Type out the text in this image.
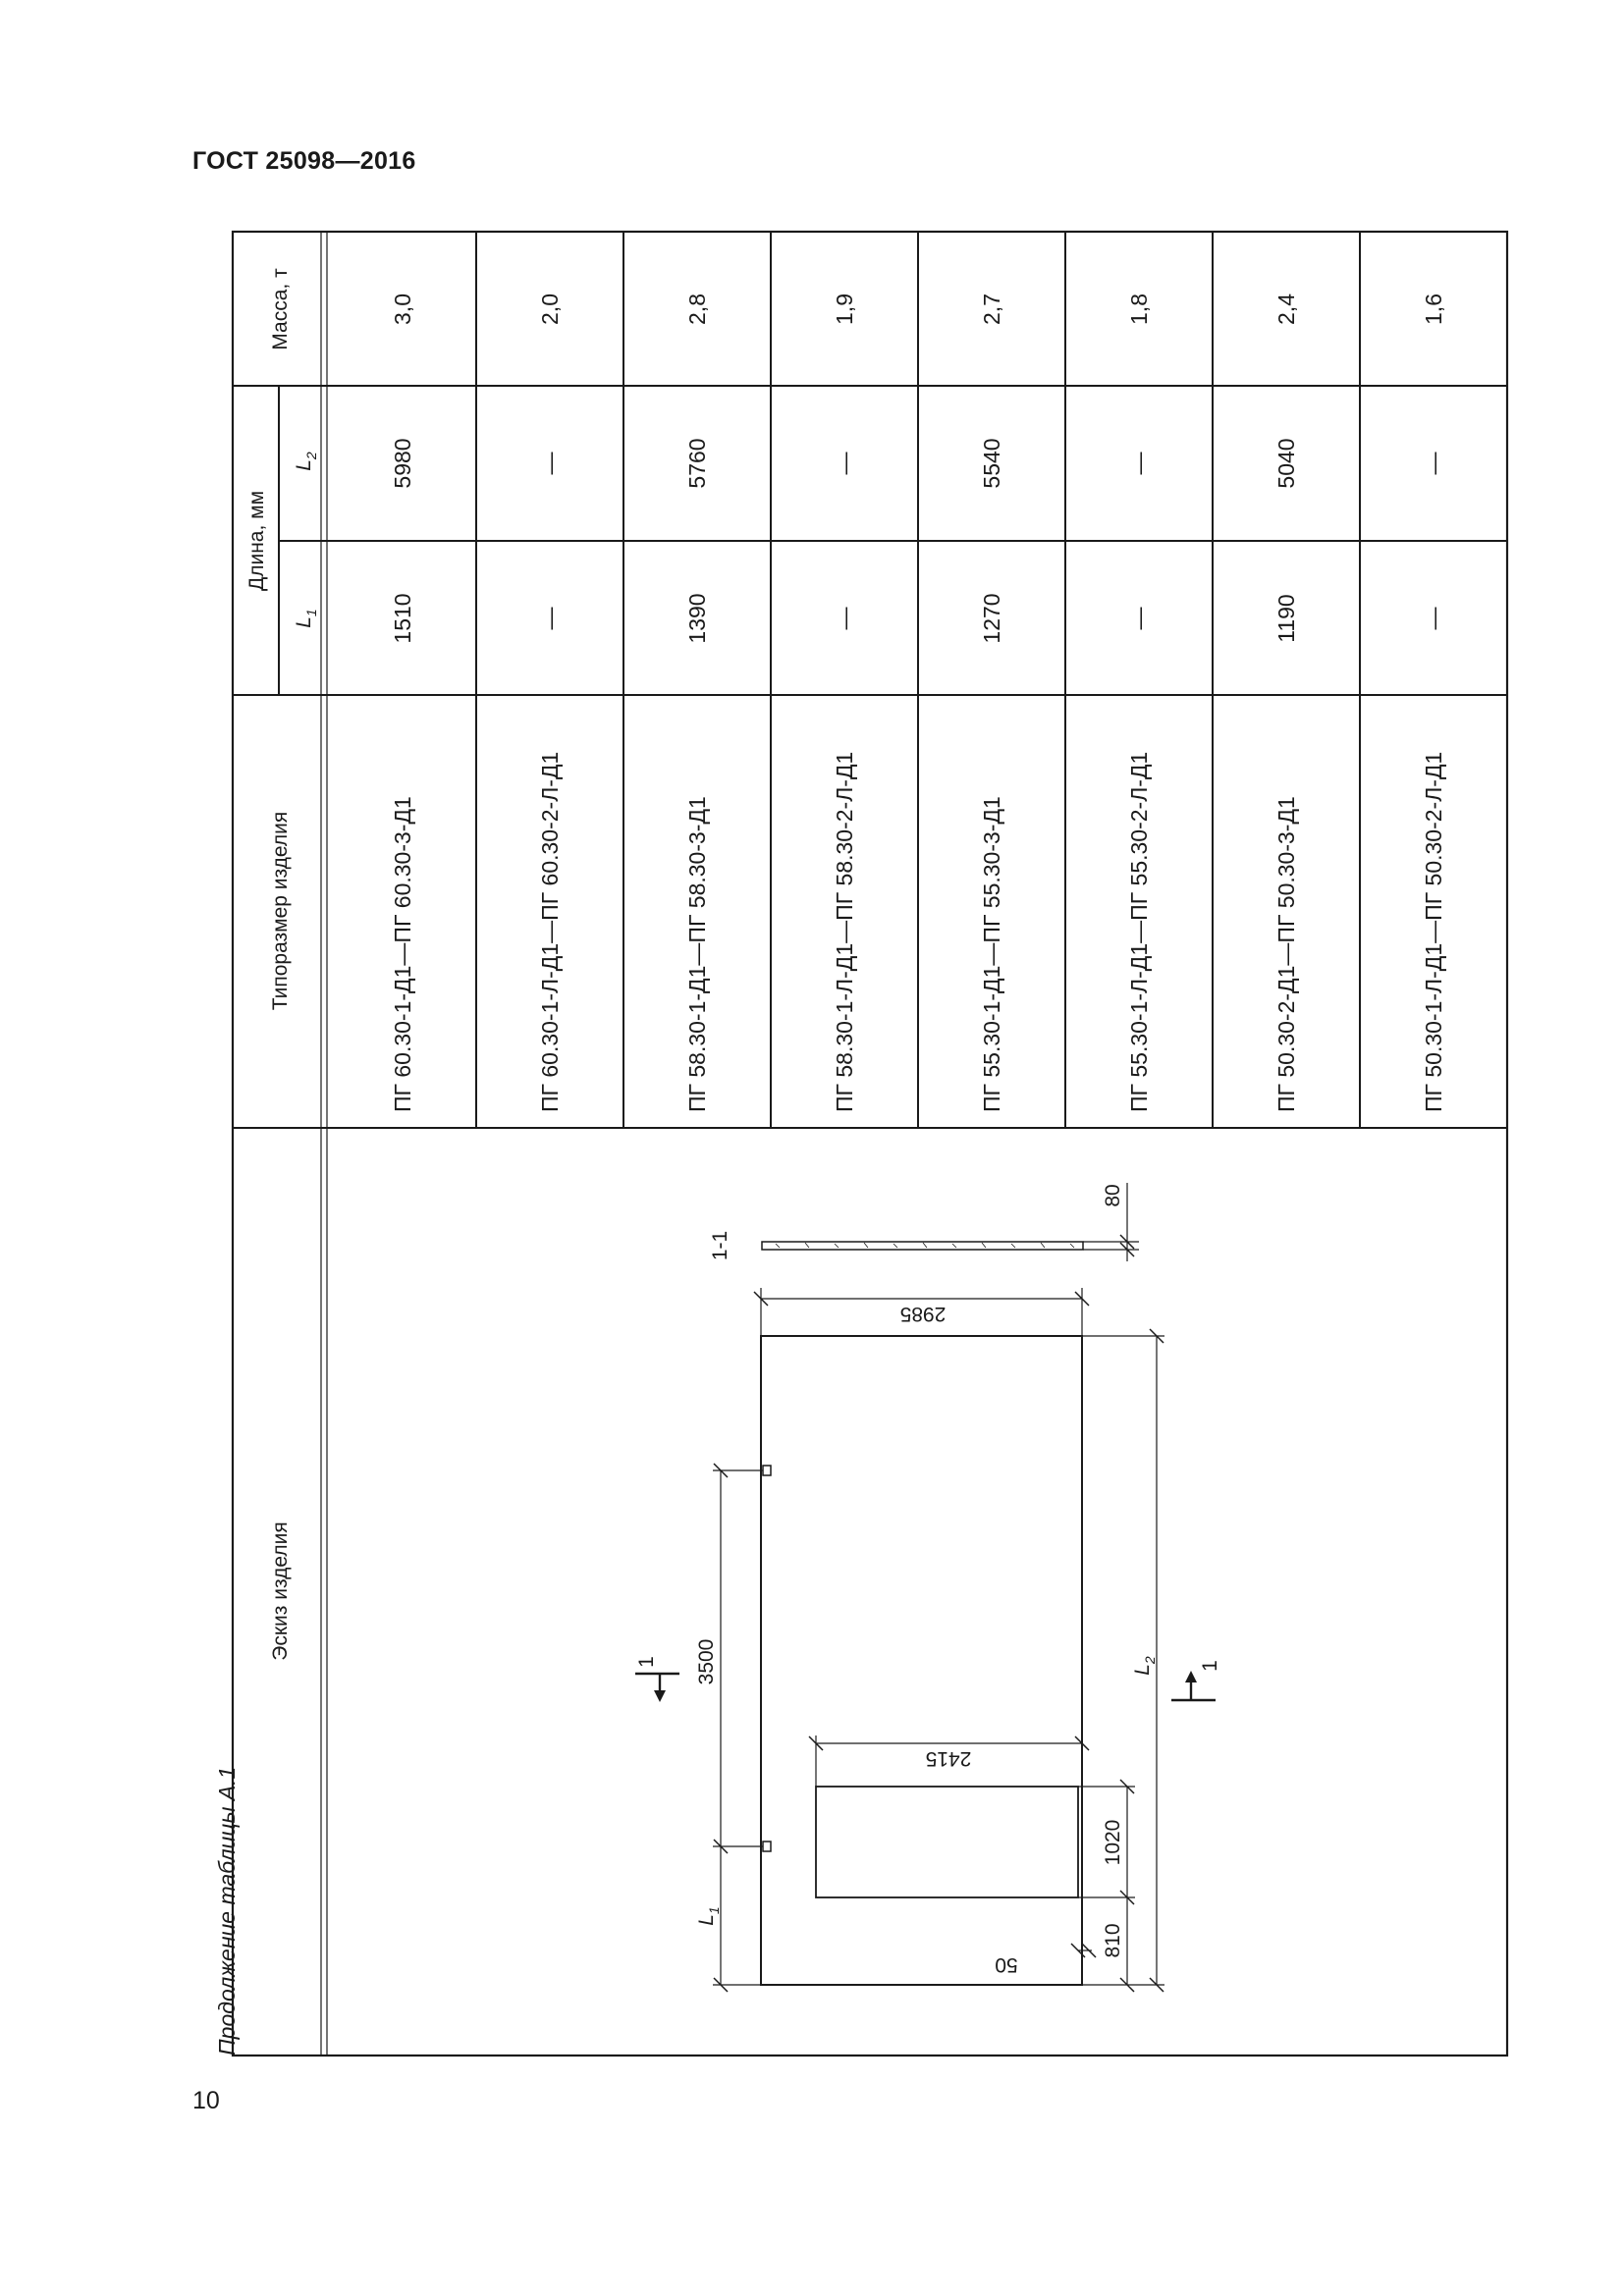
ГОСТ 25098—2016
Продолжение таблицы А.1
10
Масса, т
Длина, мм
$L_2$
$L_1$
Типоразмер изделия
Эскиз изделия
3,0
5980
1510
ПГ 60.30-1-Д1—ПГ 60.30-3-Д1
2,0
—
—
ПГ 60.30-1-Л-Д1—ПГ 60.30-2-Л-Д1
2,8
5760
1390
ПГ 58.30-1-Д1—ПГ 58.30-3-Д1
1,9
—
—
ПГ 58.30-1-Л-Д1—ПГ 58.30-2-Л-Д1
2,7
5540
1270
ПГ 55.30-1-Д1—ПГ 55.30-3-Д1
1,8
—
—
ПГ 55.30-1-Л-Д1—ПГ 55.30-2-Л-Д1
2,4
5040
1190
ПГ 50.30-2-Д1—ПГ 50.30-3-Д1
1,6
—
—
ПГ 50.30-1-Л-Д1—ПГ 50.30-2-Л-Д1
1-1
2985
80
3500
$L_1$
2415
1020
810
50
$L_2$
1	1
